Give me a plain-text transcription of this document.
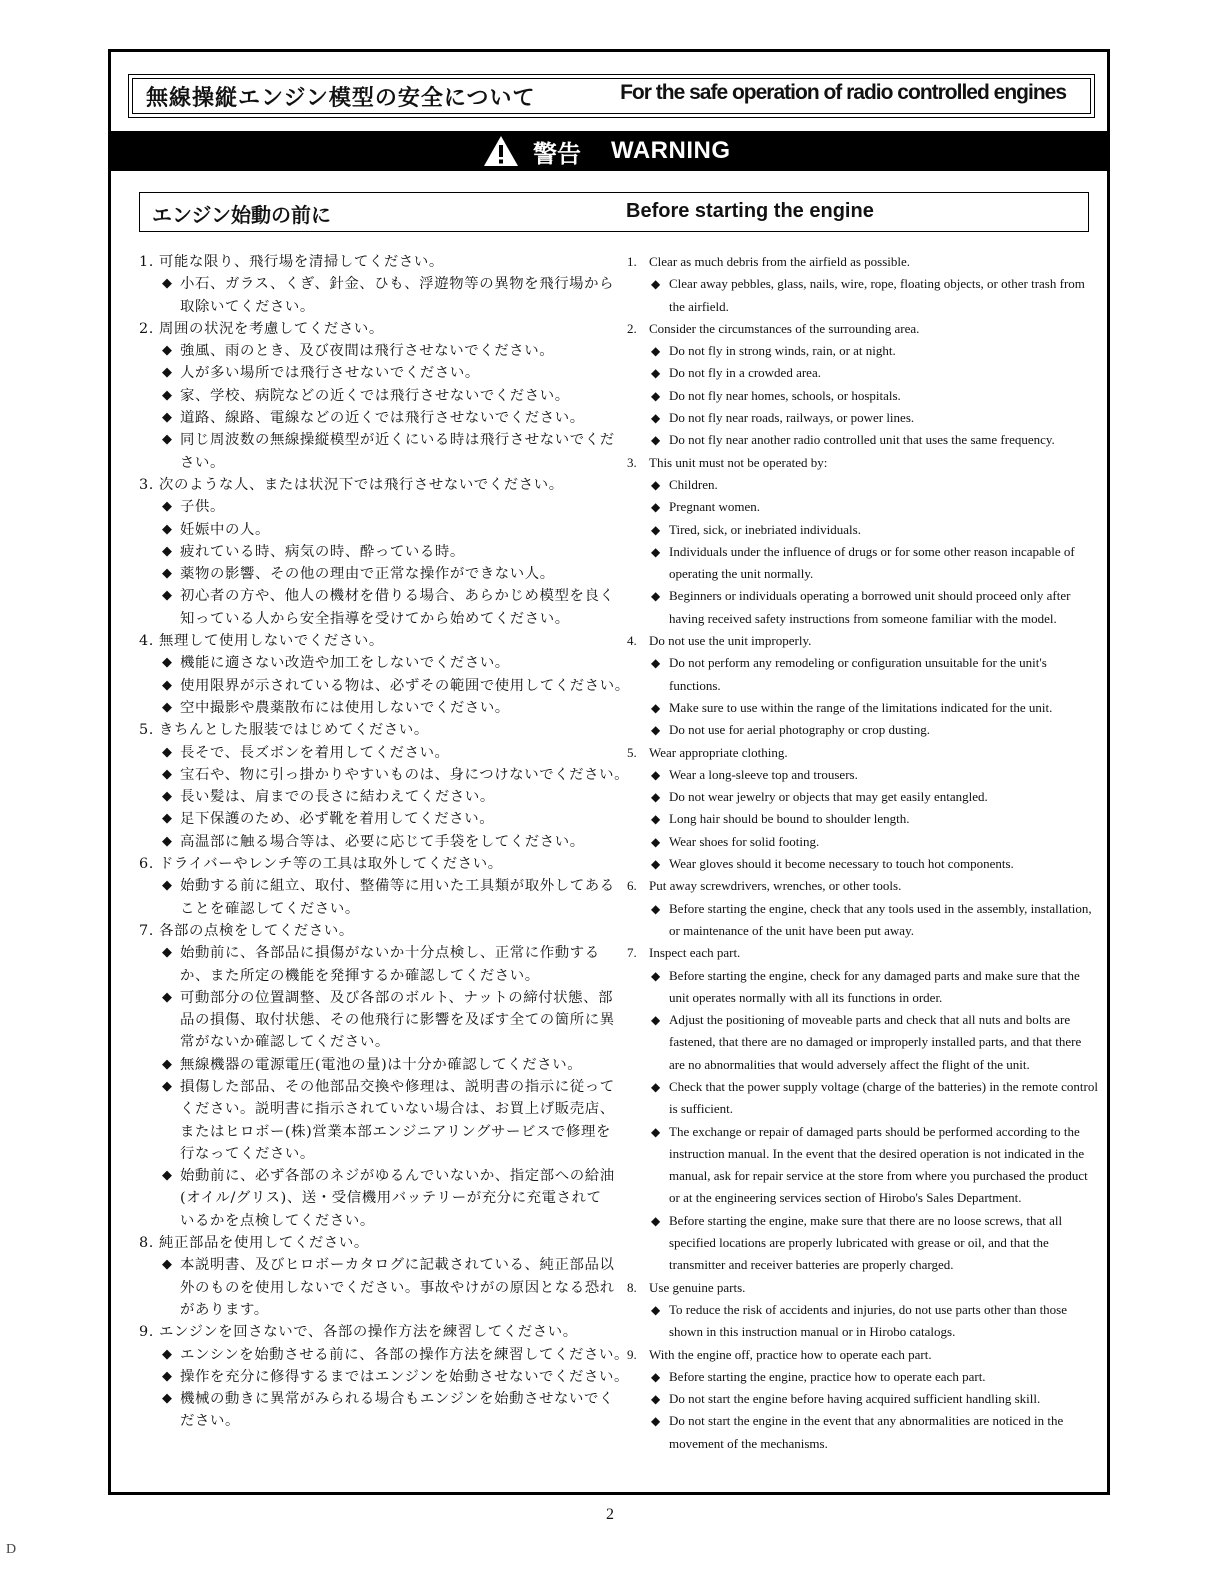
無線操縦エンジン模型の安全について	For the safe operation of radio controlled engines
警告 WARNING
エンジン始動の前に	Before starting the engine
1. 可能な限り、飛行場を清掃してください。
◆ 小石、ガラス、くぎ、針金、ひも、浮遊物等の異物を飛行場から
取除いてください。
2. 周囲の状況を考慮してください。
◆ 強風、雨のとき、及び夜間は飛行させないでください。
◆ 人が多い場所では飛行させないでください。
◆ 家、学校、病院などの近くでは飛行させないでください。
◆ 道路、線路、電線などの近くでは飛行させないでください。
◆ 同じ周波数の無線操縦模型が近くにいる時は飛行させないでくだ
さい。
3. 次のような人、または状況下では飛行させないでください。
◆ 子供。
◆ 妊娠中の人。
◆ 疲れている時、病気の時、酔っている時。
◆ 薬物の影響、その他の理由で正常な操作ができない人。
◆ 初心者の方や、他人の機材を借りる場合、あらかじめ模型を良く
知っている人から安全指導を受けてから始めてください。
4. 無理して使用しないでください。
◆ 機能に適さない改造や加工をしないでください。
◆ 使用限界が示されている物は、必ずその範囲で使用してください。
◆ 空中撮影や農薬散布には使用しないでください。
5. きちんとした服装ではじめてください。
◆ 長そで、長ズボンを着用してください。
◆ 宝石や、物に引っ掛かりやすいものは、身につけないでください。
◆ 長い髪は、肩までの長さに結わえてください。
◆ 足下保護のため、必ず靴を着用してください。
◆ 高温部に触る場合等は、必要に応じて手袋をしてください。
6. ドライバーやレンチ等の工具は取外してください。
◆ 始動する前に組立、取付、整備等に用いた工具類が取外してある
ことを確認してください。
7. 各部の点検をしてください。
◆ 始動前に、各部品に損傷がないか十分点検し、正常に作動する
か、また所定の機能を発揮するか確認してください。
◆ 可動部分の位置調整、及び各部のボルト、ナットの締付状態、部
品の損傷、取付状態、その他飛行に影響を及ぼす全ての箇所に異
常がないか確認してください。
◆ 無線機器の電源電圧(電池の量)は十分か確認してください。
◆ 損傷した部品、その他部品交換や修理は、説明書の指示に従って
ください。説明書に指示されていない場合は、お買上げ販売店、
またはヒロボー(株)営業本部エンジニアリングサービスで修理を
行なってください。
◆ 始動前に、必ず各部のネジがゆるんでいないか、指定部への給油
(オイル/グリス)、送・受信機用バッテリーが充分に充電されて
いるかを点検してください。
8. 純正部品を使用してください。
◆ 本説明書、及びヒロボーカタログに記載されている、純正部品以
外のものを使用しないでください。事故やけがの原因となる恐れ
があります。
9. エンジンを回さないで、各部の操作方法を練習してください。
◆ エンシンを始動させる前に、各部の操作方法を練習してください。
◆ 操作を充分に修得するまではエンジンを始動させないでください。
◆ 機械の動きに異常がみられる場合もエンジンを始動させないでく
ださい。
1. Clear as much debris from the airfield as possible.
◆ Clear away pebbles, glass, nails, wire, rope, floating objects, or other trash from
the airfield.
2. Consider the circumstances of the surrounding area.
◆ Do not fly in strong winds, rain, or at night.
◆ Do not fly in a crowded area.
◆ Do not fly near homes, schools, or hospitals.
◆ Do not fly near roads, railways, or power lines.
◆ Do not fly near another radio controlled unit that uses the same frequency.
3. This unit must not be operated by:
◆ Children.
◆ Pregnant women.
◆ Tired, sick, or inebriated individuals.
◆ Individuals under the influence of drugs or for some other reason incapable of
operating the unit normally.
◆ Beginners or individuals operating a borrowed unit should proceed only after
having received safety instructions from someone familiar with the model.
4. Do not use the unit improperly.
◆ Do not perform any remodeling or configuration unsuitable for the unit's
functions.
◆ Make sure to use within the range of the limitations indicated for the unit.
◆ Do not use for aerial photography or crop dusting.
5. Wear appropriate clothing.
◆ Wear a long-sleeve top and trousers.
◆ Do not wear jewelry or objects that may get easily entangled.
◆ Long hair should be bound to shoulder length.
◆ Wear shoes for solid footing.
◆ Wear gloves should it become necessary to touch hot components.
6. Put away screwdrivers, wrenches, or other tools.
◆ Before starting the engine, check that any tools used in the assembly, installation,
or maintenance of the unit have been put away.
7. Inspect each part.
◆ Before starting the engine, check for any damaged parts and make sure that the
unit operates normally with all its functions in order.
◆ Adjust the positioning of moveable parts and check that all nuts and bolts are
fastened, that there are no damaged or improperly installed parts, and that there
are no abnormalities that would adversely affect the flight of the unit.
◆ Check that the power supply voltage (charge of the batteries) in the remote control
is sufficient.
◆ The exchange or repair of damaged parts should be performed according to the
instruction manual. In the event that the desired operation is not indicated in the
manual, ask for repair service at the store from where you purchased the product
or at the engineering services section of Hirobo's Sales Department.
◆ Before starting the engine, make sure that there are no loose screws, that all
specified locations are properly lubricated with grease or oil, and that the
transmitter and receiver batteries are properly charged.
8. Use genuine parts.
◆ To reduce the risk of accidents and injuries, do not use parts other than those
shown in this instruction manual or in Hirobo catalogs.
9. With the engine off, practice how to operate each part.
◆ Before starting the engine, practice how to operate each part.
◆ Do not start the engine before having acquired sufficient handling skill.
◆ Do not start the engine in the event that any abnormalities are noticed in the
movement of the mechanisms.
2
D
